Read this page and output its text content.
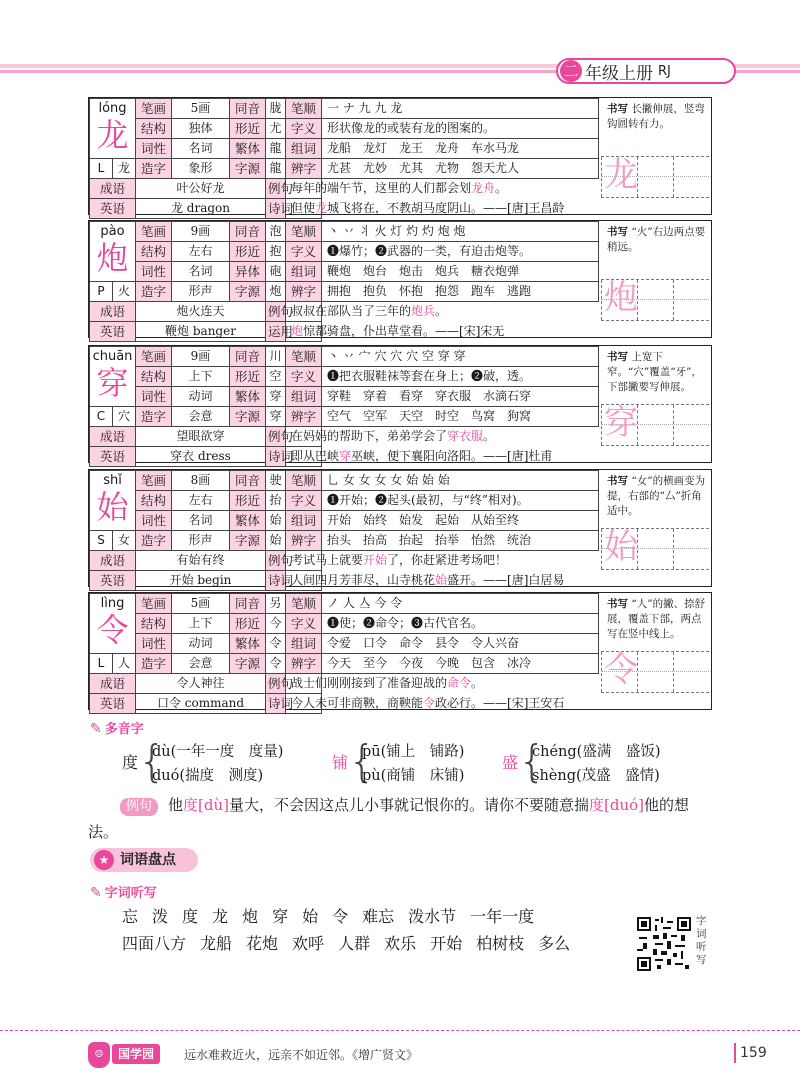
二 年级上册 RJ
lóng
龙
L 龙	笔画	5画	同音	胧	笔顺	一 ナ 九 九 龙
	结构	独体	形近	尤	字义	形状像龙的或装有龙的图案的。
	词性	名词	繁体	龍	组词	龙船　龙灯　龙王　龙舟　车水马龙
	造字	象形	字源	龍	辨字	尤甚　尤妙　尤其　尤物　怨天尤人
成语	叶公好龙			例句	每年的端午节，这里的人们都会划龙舟。	
英语	龙 dragon			诗词	但使龙城飞将在，不教胡马度阴山。——[唐]王昌龄	
书写 长撇伸展，竖弯钩圆转有力。
龙
pào
炮
P 火	笔画	9画	同音	泡	笔顺	丶 丷 丬 火 灯 灼 灼 炮 炮
	结构	左右	形近	抱	字义	❶爆竹；❷武器的一类，有迫击炮等。
	词性	名词	异体	砲	组词	鞭炮　炮台　炮击　炮兵　糖衣炮弹
	造字	形声	字源	炮	辨字	拥抱　抱负　怀抱　抱怨　跑车　逃跑
成语	炮火连天			例句	叔叔在部队当了三年的炮兵。	
英语	鞭炮 banger			运用	炮惊都骑盘，仆出草堂看。——[宋]宋无	
书写 “火”右边两点要稍远。
炮
chuān
穿
C 穴	笔画	9画	同音	川	笔顺	丶 丷 宀 穴 穴 穴 空 穿 穿
	结构	上下	形近	空	字义	❶把衣服鞋袜等套在身上；❷破，透。
	词性	动词	繁体	穿	组词	穿鞋　穿着　看穿　穿衣服　水滴石穿
	造字	会意	字源	穿	辨字	空气　空军　天空　时空　鸟窝　狗窝
成语	望眼欲穿			例句	在妈妈的帮助下，弟弟学会了穿衣服。	
英语	穿衣 dress			诗词	即从巴峡穿巫峡，便下襄阳向洛阳。——[唐]杜甫	
书写 上宽下窄。“穴”覆盖“牙”，下部撇要写伸展。
穿
shǐ
始
S 女	笔画	8画	同音	驶	笔顺	乚 女 女 女 女 始 始 始
	结构	左右	形近	抬	字义	❶开始；❷起头(最初，与“终”相对)。
	词性	名词	繁体	始	组词	开始　始终　始发　起始　从始至终
	造字	形声	字源	始	辨字	抬头　抬高　抬起　抬举　怡然　统治
成语	有始有终			例句	考试马上就要开始了，你赶紧进考场吧！	
英语	开始 begin			诗词	人间四月芳菲尽，山寺桃花始盛开。——[唐]白居易	
书写 “女”的横画变为提，右部的“厶”折角适中。
始
lìng
令
L 人	笔画	5画	同音	另	笔顺	ノ 人 亼 今 令
	结构	上下	形近	今	字义	❶使；❷命令；❸古代官名。
	词性	动词	繁体	令	组词	令爱　口令　命令　县令　令人兴奋
	造字	会意	字源	令	辨字	今天　至今　今夜　今晚　包含　冰冷
成语	令人神往			例句	战士们刚刚接到了准备迎战的命令。	
英语	口令 command			诗词	今人未可非商鞅，商鞅能令政必行。——[宋]王安石	
书写 “人”的撇、捺舒展，覆盖下部，两点写在竖中线上。
令
✎ 多音字
度 {
dù(一年一度　度量)
duó(揣度　测度)
铺 {
pū(铺上　铺路)
pù(商铺　床铺)
盛 {
chéng(盛满　盛饭)
shèng(茂盛　盛情)
例句 他度[dù]量大，不会因这点儿小事就记恨你的。请你不要随意揣度[duó]他的想法。
★ 词语盘点
✎ 字词听写
忘 泼 度 龙 炮 穿 始 令 难忘 泼水节 一年一度四面八方 龙船 花炮 欢呼 人群 欢乐 开始 柏树枝 多么
字词听写
☺	国学园	远水难救近火，远亲不如近邻。《增广贤文》	159
